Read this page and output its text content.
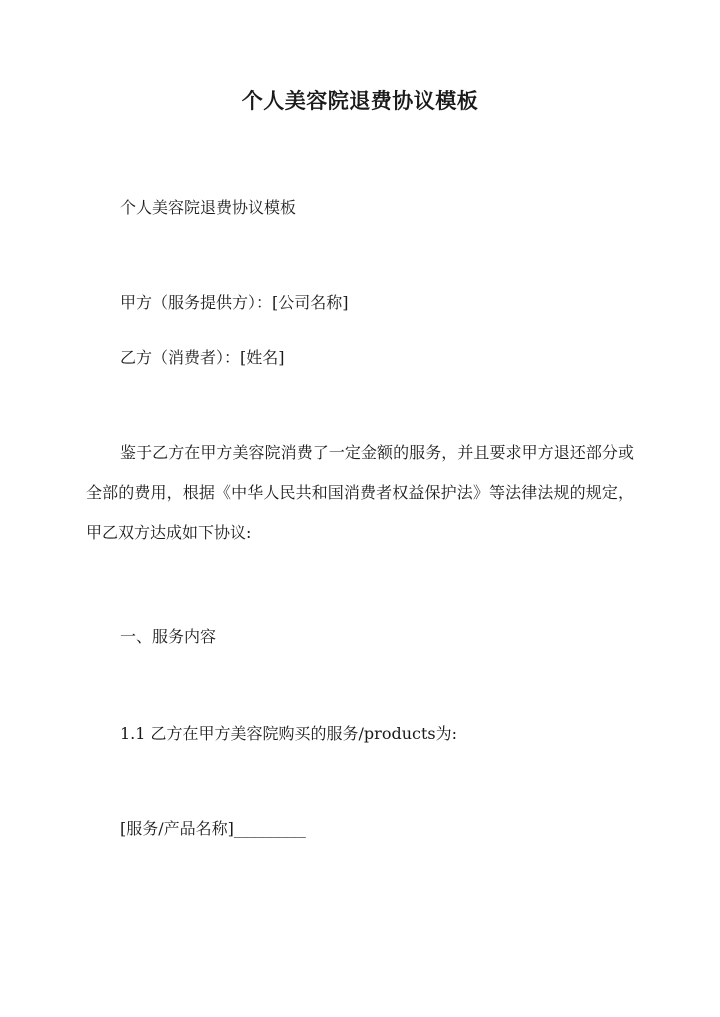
个人美容院退费协议模板
个人美容院退费协议模板
甲方（服务提供方）：[公司名称]
乙方（消费者）：[姓名]

鉴于乙方在甲方美容院消费了一定金额的服务，并且要求甲方退还部分或全部的费用，根据《中华人民共和国消费者权益保护法》等法律法规的规定，甲乙双方达成如下协议:

一、服务内容
1.1 乙方在甲方美容院购买的服务/products为:
[服务/产品名称]_________
